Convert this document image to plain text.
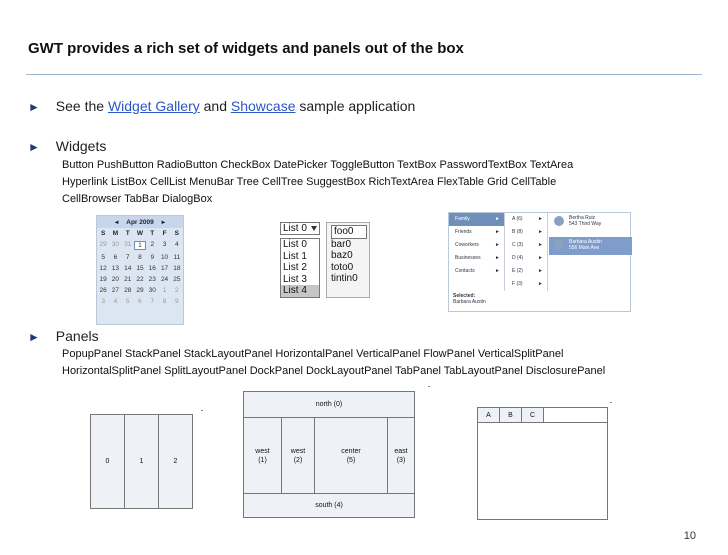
GWT provides a rich set of widgets and panels out of the box
► See the Widget Gallery and Showcase sample application
► Widgets
Button PushButton RadioButton CheckBox DatePicker ToggleButton TextBox PasswordTextBox TextArea
Hyperlink ListBox CellList MenuBar Tree CellTree SuggestBox RichTextArea FlexTable Grid CellTable
CellBrowser TabBar DialogBox
◂ Apr 2009 ▸
S	M	T	W	T	F	S
29 30 31	1	2	3	4
5	6	7	8	9	10 11
12 13 14 15 16 17 18
19 20 21 22 23 24 25
26 27 28 29 30	1	2
3	4	5	6	7	8	9
List 0
List 0
List 1
List 2
List 3
List 4
foo0
bar0
baz0
toto0
tintin0
Family	►
Friends	►
Coworkers	►
Businesses	►
Contacts	►
A (6)	►
B (8)	►
C (3)	►
D (4)	►
E (2)	►
F (3)	►
Bertha Ruiz
543 Third Way
Barbara Austin
556 Main Ave
Selected:
Barbara Austin
► Panels
PopupPanel StackPanel StackLayoutPanel HorizontalPanel VerticalPanel FlowPanel VerticalSplitPanel
HorizontalSplitPanel SplitLayoutPanel DockPanel DockLayoutPanel TabPanel TabLayoutPanel DisclosurePanel
0	1	2
north (0)
west
(1)
west
(2)
center
(5)
east
(3)
south (4)
A	B	C
10
